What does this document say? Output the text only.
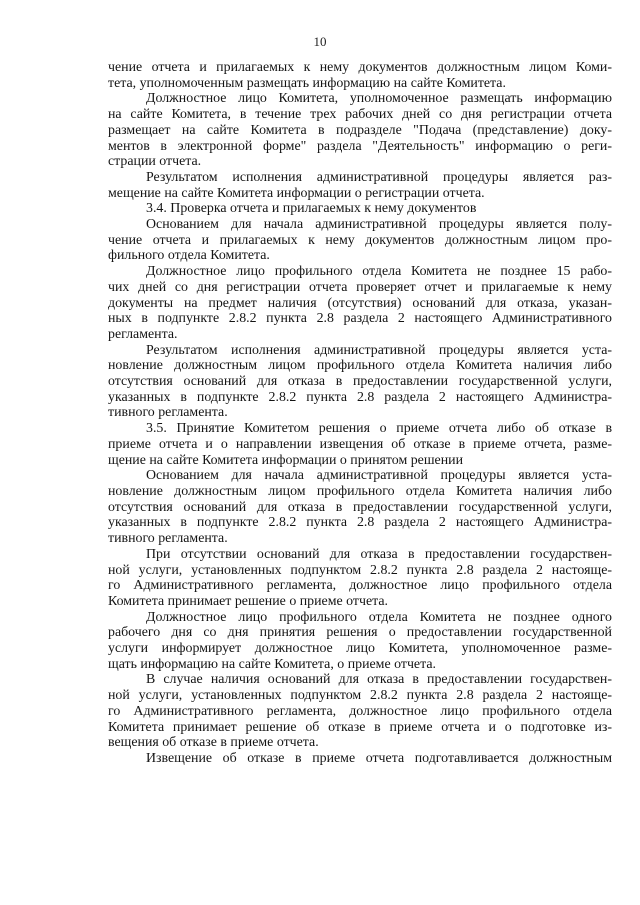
10
чение отчета и прилагаемых к нему документов должностным лицом Коми-
тета, уполномоченным размещать информацию на сайте Комитета.
Должностное лицо Комитета, уполномоченное размещать информацию
на сайте Комитета, в течение трех рабочих дней со дня регистрации отчета
размещает на сайте Комитета в подразделе "Подача (представление) доку-
ментов в электронной форме" раздела "Деятельность" информацию о реги-
страции отчета.
Результатом исполнения административной процедуры является раз-
мещение на сайте Комитета информации о регистрации отчета.
3.4. Проверка отчета и прилагаемых к нему документов
Основанием для начала административной процедуры является полу-
чение отчета и прилагаемых к нему документов должностным лицом про-
фильного отдела Комитета.
Должностное лицо профильного отдела Комитета не позднее 15 рабо-
чих дней со дня регистрации отчета проверяет отчет и прилагаемые к нему
документы на предмет наличия (отсутствия) оснований для отказа, указан-
ных в подпункте 2.8.2 пункта 2.8 раздела 2 настоящего Административного
регламента.
Результатом исполнения административной процедуры является уста-
новление должностным лицом профильного отдела Комитета наличия либо
отсутствия оснований для отказа в предоставлении государственной услуги,
указанных в подпункте 2.8.2 пункта 2.8 раздела 2 настоящего Администра-
тивного регламента.
3.5. Принятие Комитетом решения о приеме отчета либо об отказе в
приеме отчета и о направлении извещения об отказе в приеме отчета, разме-
щение на сайте Комитета информации о принятом решении
Основанием для начала административной процедуры является уста-
новление должностным лицом профильного отдела Комитета наличия либо
отсутствия оснований для отказа в предоставлении государственной услуги,
указанных в подпункте 2.8.2 пункта 2.8 раздела 2 настоящего Администра-
тивного регламента.
При отсутствии оснований для отказа в предоставлении государствен-
ной услуги, установленных подпунктом 2.8.2 пункта 2.8 раздела 2 настояще-
го Административного регламента, должностное лицо профильного отдела
Комитета принимает решение о приеме отчета.
Должностное лицо профильного отдела Комитета не позднее одного
рабочего дня со дня принятия решения о предоставлении государственной
услуги информирует должностное лицо Комитета, уполномоченное разме-
щать информацию на сайте Комитета, о приеме отчета.
В случае наличия оснований для отказа в предоставлении государствен-
ной услуги, установленных подпунктом 2.8.2 пункта 2.8 раздела 2 настояще-
го Административного регламента, должностное лицо профильного отдела
Комитета принимает решение об отказе в приеме отчета и о подготовке из-
вещения об отказе в приеме отчета.
Извещение об отказе в приеме отчета подготавливается должностным
